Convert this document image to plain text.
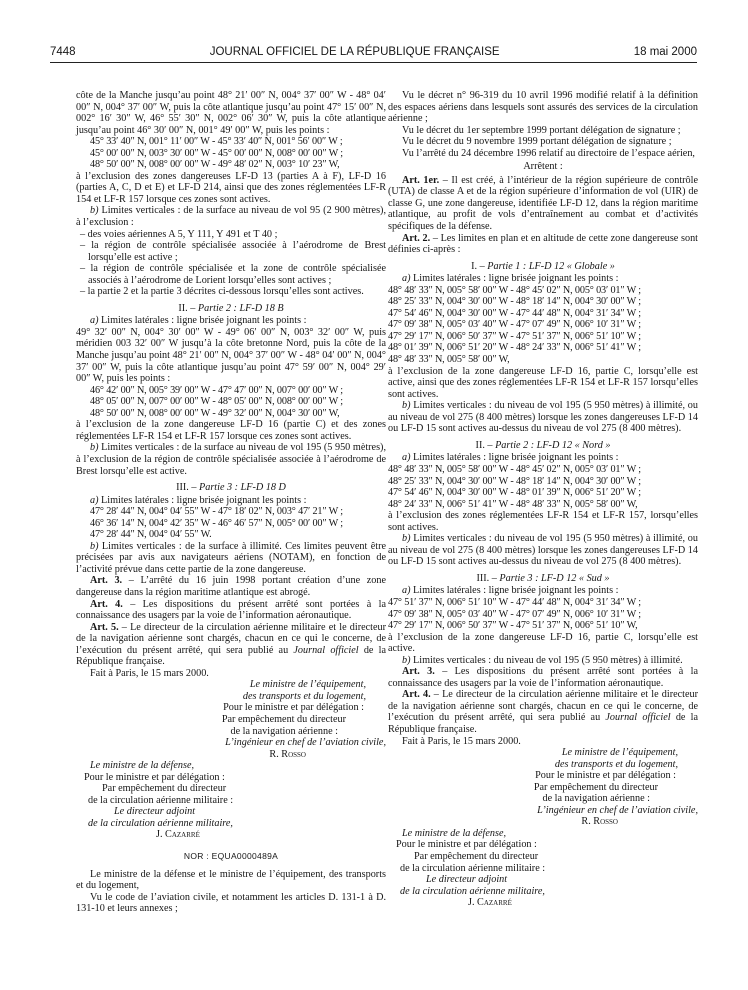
7448	JOURNAL OFFICIEL DE LA RÉPUBLIQUE FRANÇAISE	18 mai 2000

côte de la Manche jusqu’au point 48° 21′ 00″ N, 004° 37′ 00″ W - 48° 04′ 00″ N, 004° 37′ 00″ W, puis la côte atlantique jusqu’au point 47° 15′ 00″ N, 002° 16′ 30″ W, 46° 55′ 30″ N, 002° 06′ 30″ W, puis la côte atlantique jusqu’au point 46° 30′ 00″ N, 001° 49′ 00″ W, puis les points :

45° 33′ 40″ N, 001° 11′ 00″ W - 45° 33′ 40″ N, 001° 56′ 00″ W ;

45° 00′ 00″ N, 003° 30′ 00″ W - 45° 00′ 00″ N, 008° 00′ 00″ W ;

48° 50′ 00″ N, 008° 00′ 00″ W - 49° 48′ 02″ N, 003° 10′ 23″ W,

à l’exclusion des zones dangereuses LF-D 13 (parties A à F), LF-D 16 (parties A, C, D et E) et LF-D 214, ainsi que des zones réglementées LF-R 154 et LF-R 157 lorsque ces zones sont actives.

b) Limites verticales : de la surface au niveau de vol 95 (2 900 mètres), à l’exclusion :

– des voies aériennes A 5, Y 111, Y 491 et T 40 ;

– la région de contrôle spécialisée associée à l’aérodrome de Brest lorsqu’elle est active ;

– la région de contrôle spécialisée et la zone de contrôle spécialisée associés à l’aérodrome de Lorient lorsqu’elles sont actives ;

– la partie 2 et la partie 3 décrites ci-dessous lorsqu’elles sont actives.

II. – Partie 2 : LF-D 18 B

a) Limites latérales : ligne brisée joignant les points :

49° 32′ 00″ N, 004° 30′ 00″ W - 49° 06′ 00″ N, 003° 32′ 00″ W, puis méridien 003 32′ 00″ W jusqu’à la côte bretonne Nord, puis la côte de la Manche jusqu’au point 48° 21′ 00″ N, 004° 37′ 00″ W - 48° 04′ 00″ N, 004° 37′ 00″ W, puis la côte atlantique jusqu’au point 47° 59′ 00″ N, 004° 29′ 00″ W, puis les points :

46° 42′ 00″ N, 005° 39′ 00″ W - 47° 47′ 00″ N, 007° 00′ 00″ W ;

48° 05′ 00″ N, 007° 00′ 00″ W - 48° 05′ 00″ N, 008° 00′ 00″ W ;

48° 50′ 00″ N, 008° 00′ 00″ W - 49° 32′ 00″ N, 004° 30′ 00″ W,

à l’exclusion de la zone dangereuse LF-D 16 (partie C) et des zones réglementées LF-R 154 et LF-R 157 lorsque ces zones sont actives.

b) Limites verticales : de la surface au niveau de vol 195 (5 950 mètres), à l’exclusion de la région de contrôle spécialisée associée à l’aérodrome de Brest lorsqu’elle est active.

III. – Partie 3 : LF-D 18 D

a) Limites latérales : ligne brisée joignant les points :

47° 28′ 44″ N, 004° 04′ 55″ W - 47° 18′ 02″ N, 003° 47′ 21″ W ;

46° 36′ 14″ N, 004° 42′ 35″ W - 46° 46′ 57″ N, 005° 00′ 00″ W ;

47° 28′ 44″ N, 004° 04′ 55″ W.

b) Limites verticales : de la surface à illimité. Ces limites peuvent être précisées par avis aux navigateurs aériens (NOTAM), en fonction de l’activité prévue dans cette partie de la zone dangereuse.

Art. 3. – L’arrêté du 16 juin 1998 portant création d’une zone dangereuse dans la région maritime atlantique est abrogé.

Art. 4. – Les dispositions du présent arrêté sont portées à la connaissance des usagers par la voie de l’information aéronautique.

Art. 5. – Le directeur de la circulation aérienne militaire et le directeur de la navigation aérienne sont chargés, chacun en ce qui le concerne, de l’exécution du présent arrêté, qui sera publié au Journal officiel de la République française.

Fait à Paris, le 15 mars 2000.

Le ministre de l’équipement,

des transports et du logement,

Pour le ministre et par délégation :

Par empêchement du directeur

de la navigation aérienne :

L’ingénieur en chef de l’aviation civile,

R. Rosso

Le ministre de la défense,

Pour le ministre et par délégation :

Par empêchement du directeur

de la circulation aérienne militaire :

Le directeur adjoint

de la circulation aérienne militaire,

J. Cazarré

NOR : EQUA0000489A

Le ministre de la défense et le ministre de l’équipement, des transports et du logement,

Vu le code de l’aviation civile, et notamment les articles D. 131-1 à D. 131-10 et leurs annexes ;

Vu le décret n° 96-319 du 10 avril 1996 modifié relatif à la définition des espaces aériens dans lesquels sont assurés des services de la circulation aérienne ;

Vu le décret du 1er septembre 1999 portant délégation de signature ;

Vu le décret du 9 novembre 1999 portant délégation de signature ;

Vu l’arrêté du 24 décembre 1996 relatif au directoire de l’espace aérien,

Arrêtent :

Art. 1er. – Il est créé, à l’intérieur de la région supérieure de contrôle (UTA) de classe A et de la région supérieure d’information de vol (UIR) de classe G, une zone dangereuse, identifiée LF-D 12, dans la région maritime atlantique, au profit de vols d’entraînement au combat et d’activités spécifiques de la défense.

Art. 2. – Les limites en plan et en altitude de cette zone dangereuse sont définies ci-après :

I. – Partie 1 : LF-D 12 « Globale »

a) Limites latérales : ligne brisée joignant les points :

48° 48′ 33″ N, 005° 58′ 00″ W - 48° 45′ 02″ N, 005° 03′ 01″ W ;

48° 25′ 33″ N, 004° 30′ 00″ W - 48° 18′ 14″ N, 004° 30′ 00″ W ;

47° 54′ 46″ N, 004° 30′ 00″ W - 47° 44′ 48″ N, 004° 31′ 34″ W ;

47° 09′ 38″ N, 005° 03′ 40″ W - 47° 07′ 49″ N, 006° 10′ 31″ W ;

47° 29′ 17″ N, 006° 50′ 37″ W - 47° 51′ 37″ N, 006° 51′ 10″ W ;

48° 01′ 39″ N, 006° 51′ 20″ W - 48° 24′ 33″ N, 006° 51′ 41″ W ;

48° 48′ 33″ N, 005° 58′ 00″ W,

à l’exclusion de la zone dangereuse LF-D 16, partie C, lorsqu’elle est active, ainsi que des zones réglementées LF-R 154 et LF-R 157 lorsqu’elles sont actives.

b) Limites verticales : du niveau de vol 195 (5 950 mètres) à illimité, ou au niveau de vol 275 (8 400 mètres) lorsque les zones dangereuses LF-D 14 ou LF-D 15 sont actives au-dessus du niveau de vol 275 (8 400 mètres).

II. – Partie 2 : LF-D 12 « Nord »

a) Limites latérales : ligne brisée joignant les points :

48° 48′ 33″ N, 005° 58′ 00″ W - 48° 45′ 02″ N, 005° 03′ 01″ W ;

48° 25′ 33″ N, 004° 30′ 00″ W - 48° 18′ 14″ N, 004° 30′ 00″ W ;

47° 54′ 46″ N, 004° 30′ 00″ W - 48° 01′ 39″ N, 006° 51′ 20″ W ;

48° 24′ 33″ N, 006° 51′ 41″ W - 48° 48′ 33″ N, 005° 58′ 00″ W,

à l’exclusion des zones réglementées LF-R 154 et LF-R 157, lorsqu’elles sont actives.

b) Limites verticales : du niveau de vol 195 (5 950 mètres) à illimité, ou au niveau de vol 275 (8 400 mètres) lorsque les zones dangereuses LF-D 14 ou LF-D 15 sont actives au-dessus du niveau de vol 275 (8 400 mètres).

III. – Partie 3 : LF-D 12 « Sud »

a) Limites latérales : ligne brisée joignant les points :

47° 51′ 37″ N, 006° 51′ 10″ W - 47° 44′ 48″ N, 004° 31′ 34″ W ;

47° 09′ 38″ N, 005° 03′ 40″ W - 47° 07′ 49″ N, 006° 10′ 31″ W ;

47° 29′ 17″ N, 006° 50′ 37″ W - 47° 51′ 37″ N, 006° 51′ 10″ W,

à l’exclusion de la zone dangereuse LF-D 16, partie C, lorsqu’elle est active.

b) Limites verticales : du niveau de vol 195 (5 950 mètres) à illimité.

Art. 3. – Les dispositions du présent arrêté sont portées à la connaissance des usagers par la voie de l’information aéronautique.

Art. 4. – Le directeur de la circulation aérienne militaire et le directeur de la navigation aérienne sont chargés, chacun en ce qui le concerne, de l’exécution du présent arrêté, qui sera publié au Journal officiel de la République française.

Fait à Paris, le 15 mars 2000.

Le ministre de l’équipement,

des transports et du logement,

Pour le ministre et par délégation :

Par empêchement du directeur

de la navigation aérienne :

L’ingénieur en chef de l’aviation civile,

R. Rosso

Le ministre de la défense,

Pour le ministre et par délégation :

Par empêchement du directeur

de la circulation aérienne militaire :

Le directeur adjoint

de la circulation aérienne militaire,

J. Cazarré
